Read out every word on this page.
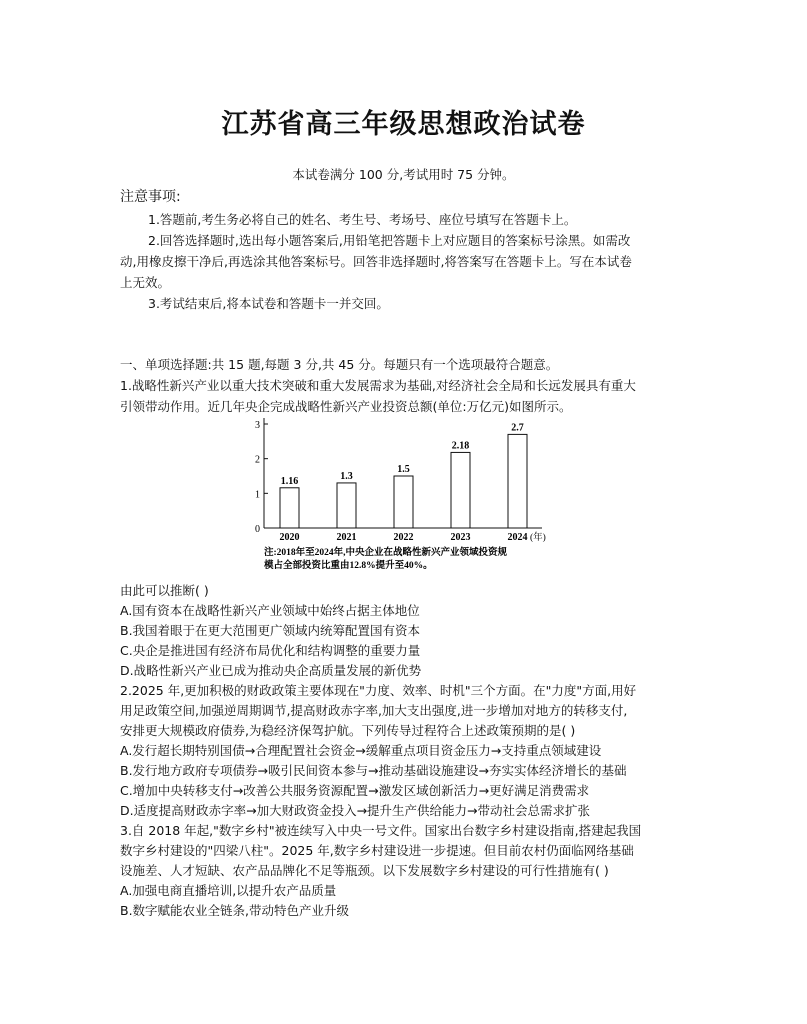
江苏省高三年级思想政治试卷
本试卷满分 100 分,考试用时 75 分钟。
注意事项:
1.答题前,考生务必将自己的姓名、考生号、考场号、座位号填写在答题卡上。
2.回答选择题时,选出每小题答案后,用铅笔把答题卡上对应题目的答案标号涂黑。如需改
动,用橡皮擦干净后,再选涂其他答案标号。回答非选择题时,将答案写在答题卡上。写在本试卷
上无效。
3.考试结束后,将本试卷和答题卡一并交回。
一、单项选择题:共 15 题,每题 3 分,共 45 分。每题只有一个选项最符合题意。
1.战略性新兴产业以重大技术突破和重大发展需求为基础,对经济社会全局和长远发展具有重大
引领带动作用。近几年央企完成战略性新兴产业投资总额(单位:万亿元)如图所示。
0
1
2
3
1.16
2020
1.3
2021
1.5
2022
2.18
2023
2.7
2024 (年)
注:2018年至2024年,中央企业在战略性新兴产业领域投资规
模占全部投资比重由12.8%提升至40%。
由此可以推断( )
A.国有资本在战略性新兴产业领域中始终占据主体地位
B.我国着眼于在更大范围更广领域内统筹配置国有资本
C.央企是推进国有经济布局优化和结构调整的重要力量
D.战略性新兴产业已成为推动央企高质量发展的新优势
2.2025 年,更加积极的财政政策主要体现在"力度、效率、时机"三个方面。在"力度"方面,用好
用足政策空间,加强逆周期调节,提高财政赤字率,加大支出强度,进一步增加对地方的转移支付,
安排更大规模政府债券,为稳经济保驾护航。下列传导过程符合上述政策预期的是( )
A.发行超长期特别国债→合理配置社会资金→缓解重点项目资金压力→支持重点领域建设
B.发行地方政府专项债券→吸引民间资本参与→推动基础设施建设→夯实实体经济增长的基础
C.增加中央转移支付→改善公共服务资源配置→激发区域创新活力→更好满足消费需求
D.适度提高财政赤字率→加大财政资金投入→提升生产供给能力→带动社会总需求扩张
3.自 2018 年起,"数字乡村"被连续写入中央一号文件。国家出台数字乡村建设指南,搭建起我国
数字乡村建设的"四梁八柱"。2025 年,数字乡村建设进一步提速。但目前农村仍面临网络基础
设施差、人才短缺、农产品品牌化不足等瓶颈。以下发展数字乡村建设的可行性措施有( )
A.加强电商直播培训,以提升农产品质量
B.数字赋能农业全链条,带动特色产业升级
